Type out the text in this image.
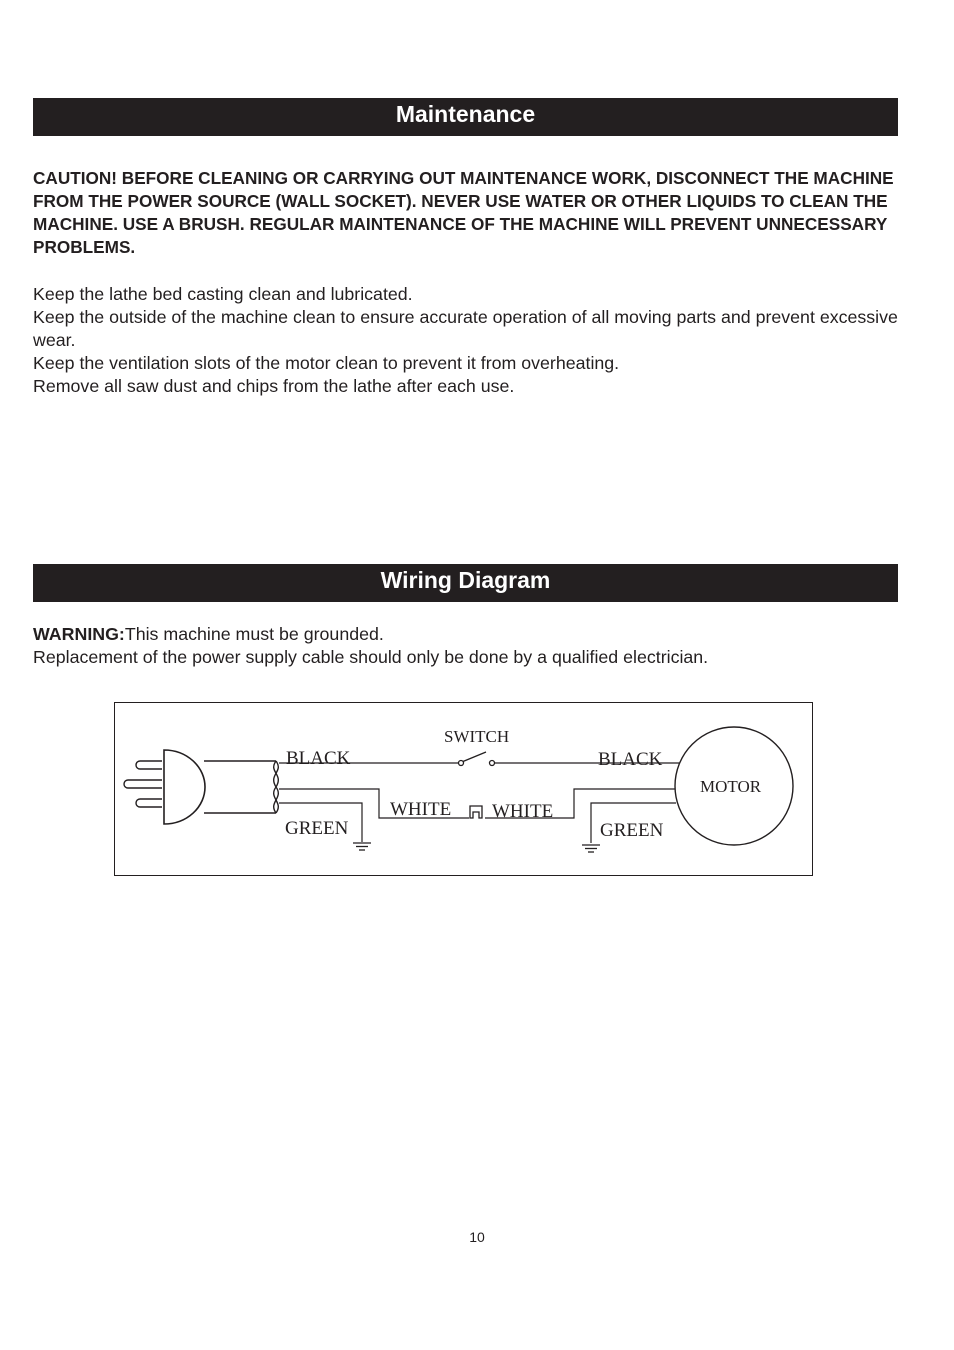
Maintenance

CAUTION! BEFORE CLEANING OR CARRYING OUT MAINTENANCE WORK, DISCONNECT THE MACHINE FROM THE POWER SOURCE (WALL SOCKET). NEVER USE WATER OR OTHER LIQUIDS TO CLEAN THE MACHINE. USE A BRUSH. REGULAR MAINTENANCE OF THE MACHINE WILL PREVENT UNNECESSARY PROBLEMS.

Keep the lathe bed casting clean and lubricated.

Keep the outside of the machine clean to ensure accurate operation of all moving parts and prevent excessive wear.

Keep the ventilation slots of the motor clean to prevent it from overheating.

Remove all saw dust and chips from the lathe after each use.

Wiring Diagram

WARNING:This machine must be grounded.

Replacement of the power supply cable should only be done by a qualified electrician.

SWITCH
BLACK	BLACK
WHITE WHITE
GREEN	GREEN
MOTOR
10
